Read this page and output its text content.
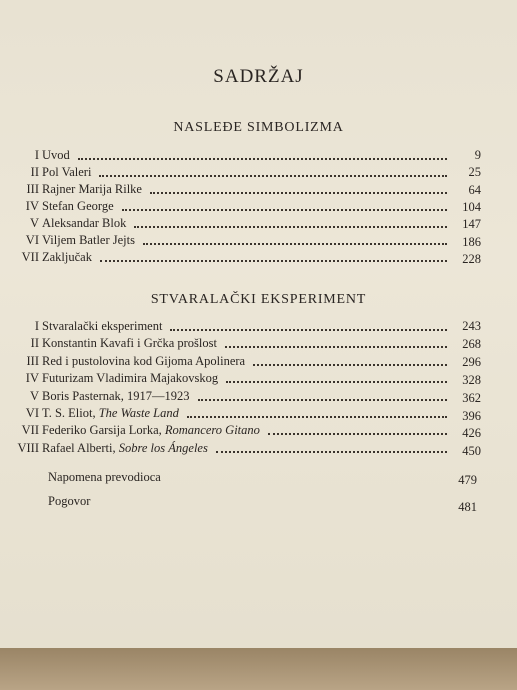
SADRŽAJ
NASLEĐE SIMBOLIZMA
I Uvod	9
II Pol Valeri	25
III Rajner Marija Rilke	64
IV Stefan George	104
V Aleksandar Blok	147
VI Viljem Batler Jejts	186
VII Zaključak	228
STVARALAČKI EKSPERIMENT
I Stvaralački eksperiment	243
II Konstantin Kavafi i Grčka prošlost	268
III Red i pustolovina kod Gijoma Apolinera	296
IV Futurizam Vladimira Majakovskog	328
V Boris Pasternak, 1917—1923	362
VI T. S. Eliot, The Waste Land	396
VII Federiko Garsija Lorka, Romancero Gitano	426
VIII Rafael Alberti, Sobre los Ángeles	450
Napomena prevodioca	479
Pogovor	481
